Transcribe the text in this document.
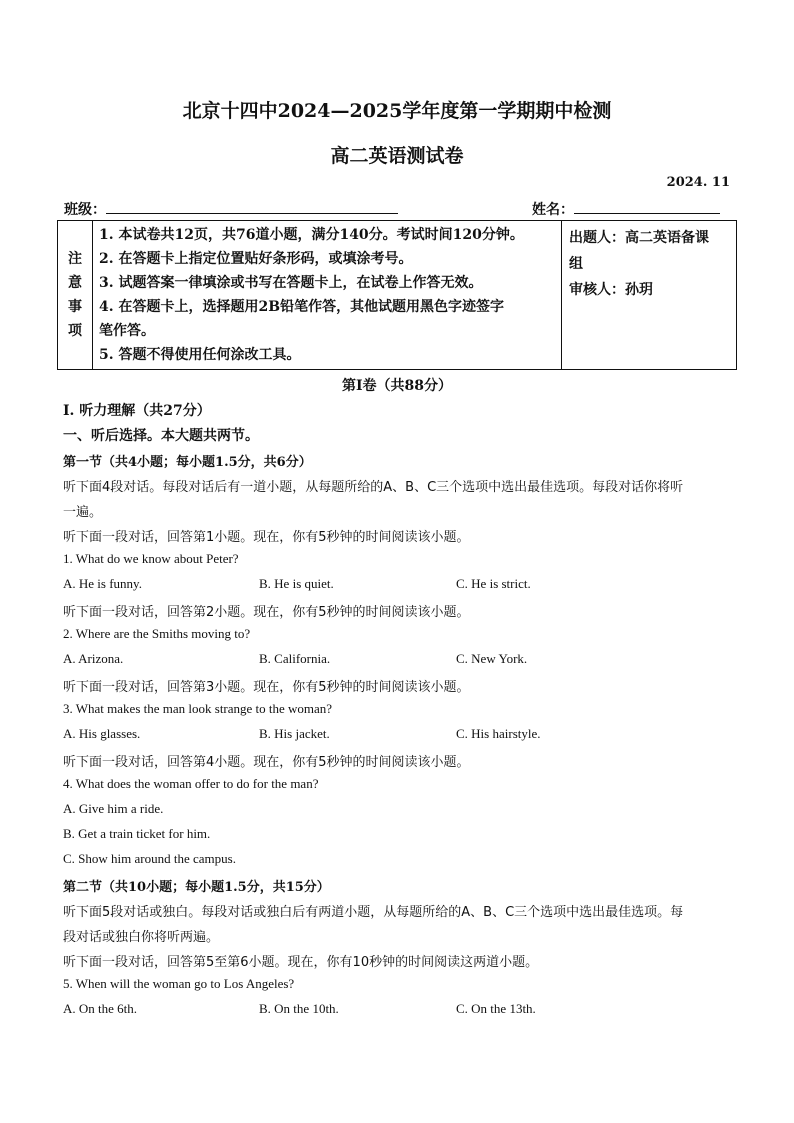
北京十四中2024—2025学年度第一学期期中检测
高二英语测试卷
2024. 11
班级：	姓名：
注
意
事
项

1. 本试卷共12页，共76道小题，满分140分。考试时间120分钟。
2. 在答题卡上指定位置贴好条形码，或填涂考号。
3. 试题答案一律填涂或书写在答题卡上，在试卷上作答无效。
4. 在答题卡上，选择题用2B铅笔作答，其他试题用黑色字迹签字
笔作答。
5. 答题不得使用任何涂改工具。

出题人：高二英语备课
组
审核人：孙玥
第Ⅰ卷（共88分）
Ⅰ. 听力理解（共27分）
一、听后选择。本大题共两节。
第一节（共4小题；每小题1.5分，共6分）
听下面4段对话。每段对话后有一道小题，从每题所给的A、B、C三个选项中选出最佳选项。每段对话你将听
一遍。
听下面一段对话，回答第1小题。现在，你有5秒钟的时间阅读该小题。
1. What do we know about Peter?
A. He is funny.	B. He is quiet.	C. He is strict.
听下面一段对话，回答第2小题。现在，你有5秒钟的时间阅读该小题。
2. Where are the Smiths moving to?
A. Arizona.	B. California.	C. New York.
听下面一段对话，回答第3小题。现在，你有5秒钟的时间阅读该小题。
3. What makes the man look strange to the woman?
A. His glasses.	B. His jacket.	C. His hairstyle.
听下面一段对话，回答第4小题。现在，你有5秒钟的时间阅读该小题。
4. What does the woman offer to do for the man?
A. Give him a ride.
B. Get a train ticket for him.
C. Show him around the campus.
第二节（共10小题；每小题1.5分，共15分）
听下面5段对话或独白。每段对话或独白后有两道小题，从每题所给的A、B、C三个选项中选出最佳选项。每
段对话或独白你将听两遍。
听下面一段对话，回答第5至第6小题。现在，你有10秒钟的时间阅读这两道小题。
5. When will the woman go to Los Angeles?
A. On the 6th.	B. On the 10th.	C. On the 13th.
